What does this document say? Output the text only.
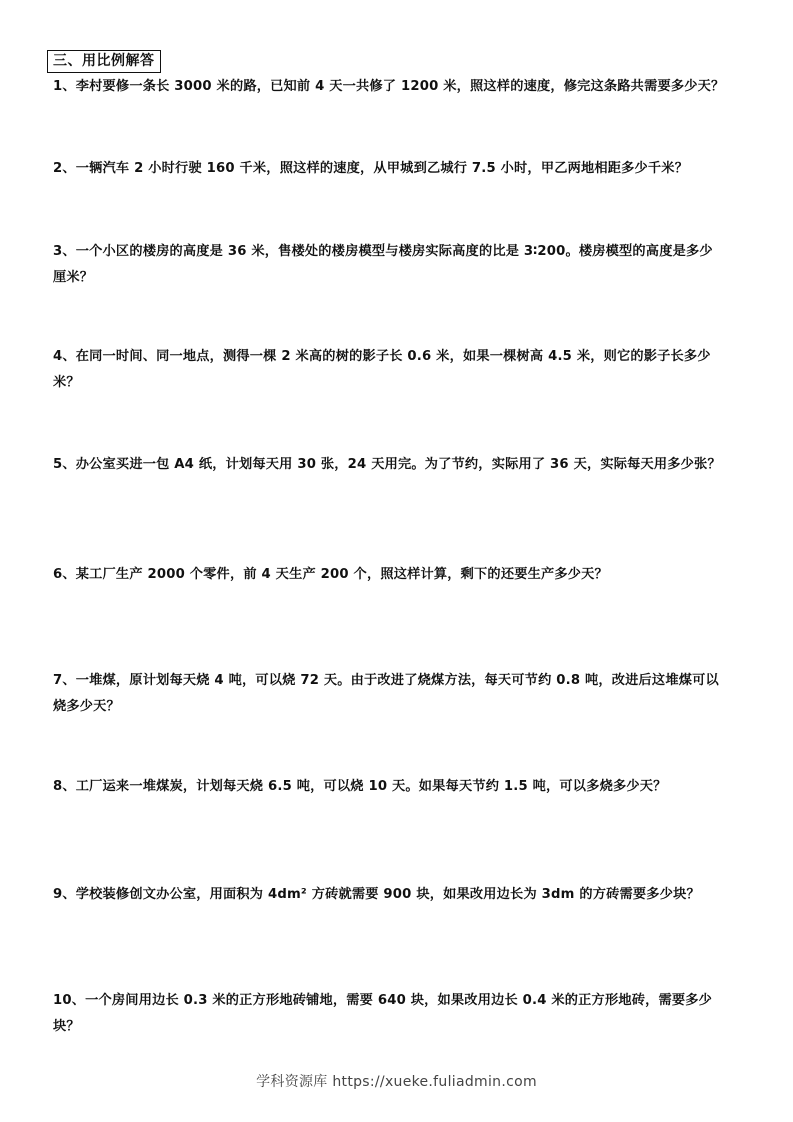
三、用比例解答

1、李村要修一条长 3000 米的路，已知前 4 天一共修了 1200 米，照这样的速度，修完这条路共需要多少天？

2、一辆汽车 2 小时行驶 160 千米，照这样的速度，从甲城到乙城行 7.5 小时，甲乙两地相距多少千米？

3、一个小区的楼房的高度是 36 米，售楼处的楼房模型与楼房实际高度的比是 3∶200。楼房模型的高度是多少厘米？

4、在同一时间、同一地点，测得一棵 2 米高的树的影子长 0.6 米，如果一棵树高 4.5 米，则它的影子长多少米？

5、办公室买进一包 A4 纸，计划每天用 30 张，24 天用完。为了节约，实际用了 36 天，实际每天用多少张？

6、某工厂生产 2000 个零件，前 4 天生产 200 个，照这样计算，剩下的还要生产多少天？

7、一堆煤，原计划每天烧 4 吨，可以烧 72 天。由于改进了烧煤方法，每天可节约 0.8 吨，改进后这堆煤可以烧多少天？

8、工厂运来一堆煤炭，计划每天烧 6.5 吨，可以烧 10 天。如果每天节约 1.5 吨，可以多烧多少天？

9、学校装修创文办公室，用面积为 4dm² 方砖就需要 900 块，如果改用边长为 3dm 的方砖需要多少块？

10、一个房间用边长 0.3 米的正方形地砖铺地，需要 640 块，如果改用边长 0.4 米的正方形地砖，需要多少块？

学科资源库 https://xueke.fuliadmin.com
